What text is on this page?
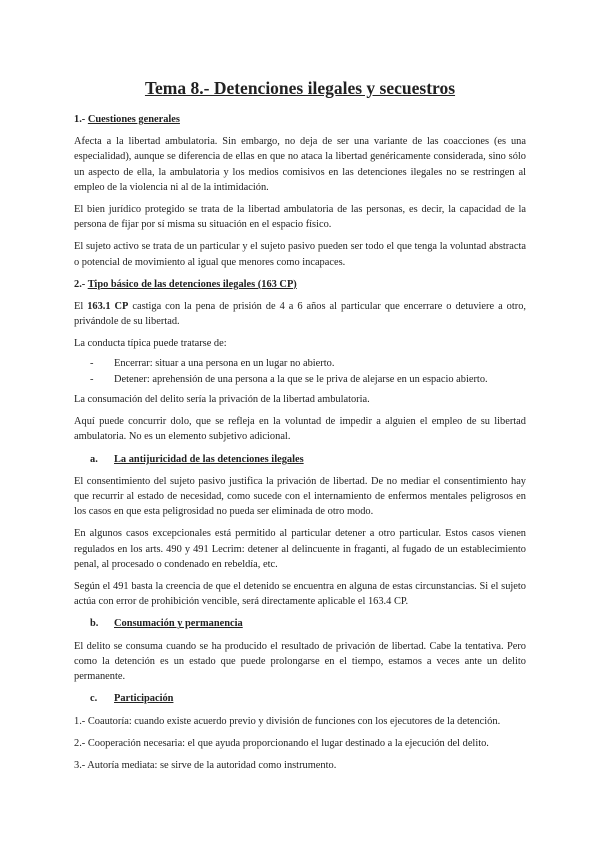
Tema 8.- Detenciones ilegales y secuestros
1.- Cuestiones generales

Afecta a la libertad ambulatoria. Sin embargo, no deja de ser una variante de las coacciones (es una especialidad), aunque se diferencia de ellas en que no ataca la libertad genéricamente considerada, sino sólo un aspecto de ella, la ambulatoria y los medios comisivos en las detenciones ilegales no se restringen al empleo de la violencia ni al de la intimidación.

El bien jurídico protegido se trata de la libertad ambulatoria de las personas, es decir, la capacidad de la persona de fijar por sí misma su situación en el espacio físico.

El sujeto activo se trata de un particular y el sujeto pasivo pueden ser todo el que tenga la voluntad abstracta o potencial de movimiento al igual que menores como incapaces.

2.- Tipo básico de las detenciones ilegales (163 CP)

El 163.1 CP castiga con la pena de prisión de 4 a 6 años al particular que encerrare o detuviere a otro, privándole de su libertad.

La conducta típica puede tratarse de:

- Encerrar: situar a una persona en un lugar no abierto.
- Detener: aprehensión de una persona a la que se le priva de alejarse en un espacio abierto.

La consumación del delito sería la privación de la libertad ambulatoria.

Aquí puede concurrir dolo, que se refleja en la voluntad de impedir a alguien el empleo de su libertad ambulatoria. No es un elemento subjetivo adicional.

a. La antijuricidad de las detenciones ilegales

El consentimiento del sujeto pasivo justifica la privación de libertad. De no mediar el consentimiento hay que recurrir al estado de necesidad, como sucede con el internamiento de enfermos mentales peligrosos en los casos en que esta peligrosidad no pueda ser eliminada de otro modo.

En algunos casos excepcionales está permitido al particular detener a otro particular. Estos casos vienen regulados en los arts. 490 y 491 Lecrim: detener al delincuente in fraganti, al fugado de un establecimiento penal, al procesado o condenado en rebeldía, etc.

Según el 491 basta la creencia de que el detenido se encuentra en alguna de estas circunstancias. Si el sujeto actúa con error de prohibición vencible, será directamente aplicable el 163.4 CP.

b. Consumación y permanencia

El delito se consuma cuando se ha producido el resultado de privación de libertad. Cabe la tentativa. Pero como la detención es un estado que puede prolongarse en el tiempo, estamos a veces ante un delito permanente.

c. Participación

1.- Coautoría: cuando existe acuerdo previo y división de funciones con los ejecutores de la detención.

2.- Cooperación necesaria: el que ayuda proporcionando el lugar destinado a la ejecución del delito.

3.- Autoría mediata: se sirve de la autoridad como instrumento.
